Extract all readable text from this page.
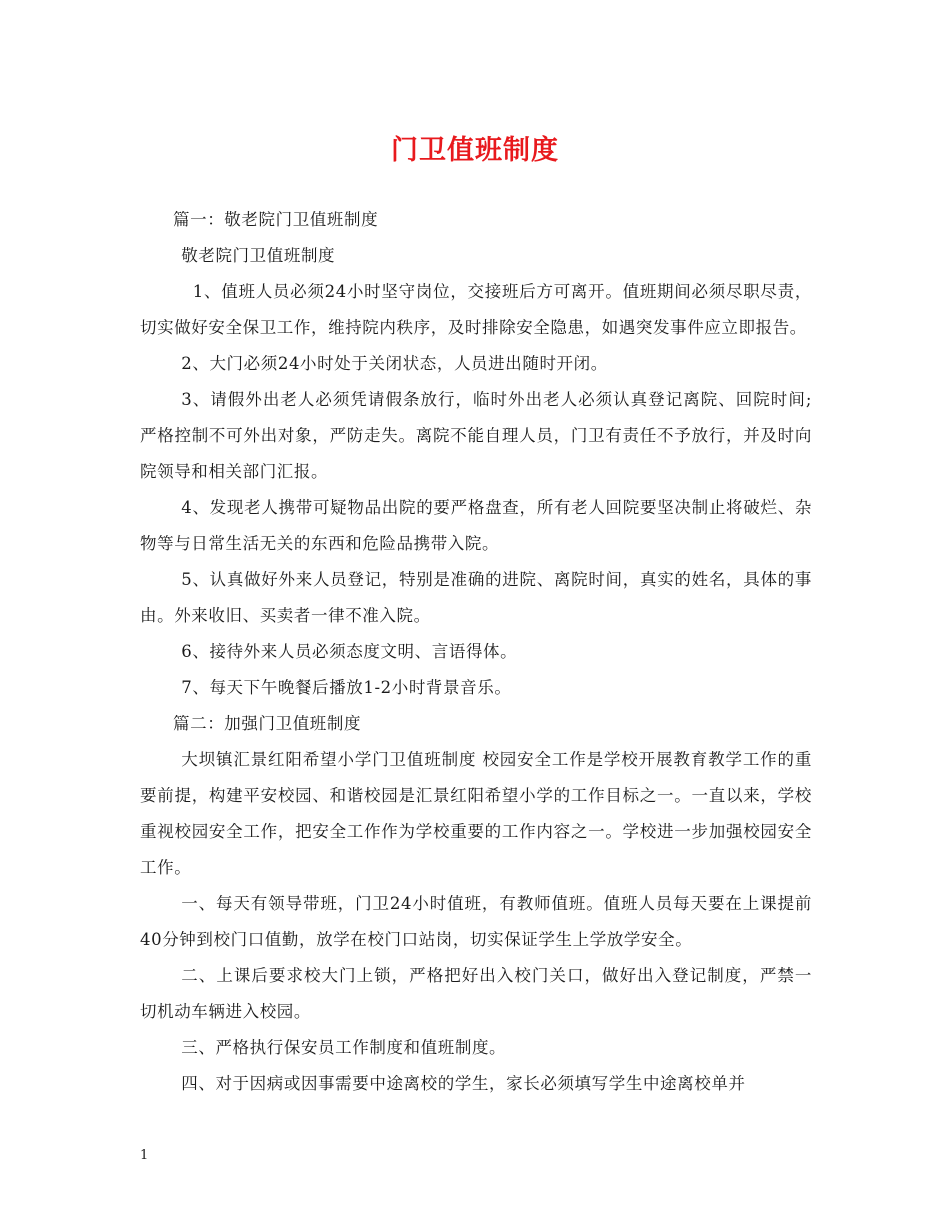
门卫值班制度

篇一：敬老院门卫值班制度

敬老院门卫值班制度

1、值班人员必须24小时坚守岗位，交接班后方可离开。值班期间必须尽职尽责，切实做好安全保卫工作，维持院内秩序，及时排除安全隐患，如遇突发事件应立即报告。

2、大门必须24小时处于关闭状态，人员进出随时开闭。

3、请假外出老人必须凭请假条放行，临时外出老人必须认真登记离院、回院时间;严格控制不可外出对象，严防走失。离院不能自理人员，门卫有责任不予放行，并及时向院领导和相关部门汇报。

4、发现老人携带可疑物品出院的要严格盘查，所有老人回院要坚决制止将破烂、杂物等与日常生活无关的东西和危险品携带入院。

5、认真做好外来人员登记，特别是准确的进院、离院时间，真实的姓名，具体的事由。外来收旧、买卖者一律不准入院。

6、接待外来人员必须态度文明、言语得体。

7、每天下午晚餐后播放1-2小时背景音乐。

篇二：加强门卫值班制度

大坝镇汇景红阳希望小学门卫值班制度 校园安全工作是学校开展教育教学工作的重要前提，构建平安校园、和谐校园是汇景红阳希望小学的工作目标之一。一直以来，学校重视校园安全工作，把安全工作作为学校重要的工作内容之一。学校进一步加强校园安全工作。

一、每天有领导带班，门卫24小时值班，有教师值班。值班人员每天要在上课提前40分钟到校门口值勤，放学在校门口站岗，切实保证学生上学放学安全。

二、上课后要求校大门上锁，严格把好出入校门关口，做好出入登记制度，严禁一切机动车辆进入校园。

三、严格执行保安员工作制度和值班制度。

四、对于因病或因事需要中途离校的学生，家长必须填写学生中途离校单并

1
